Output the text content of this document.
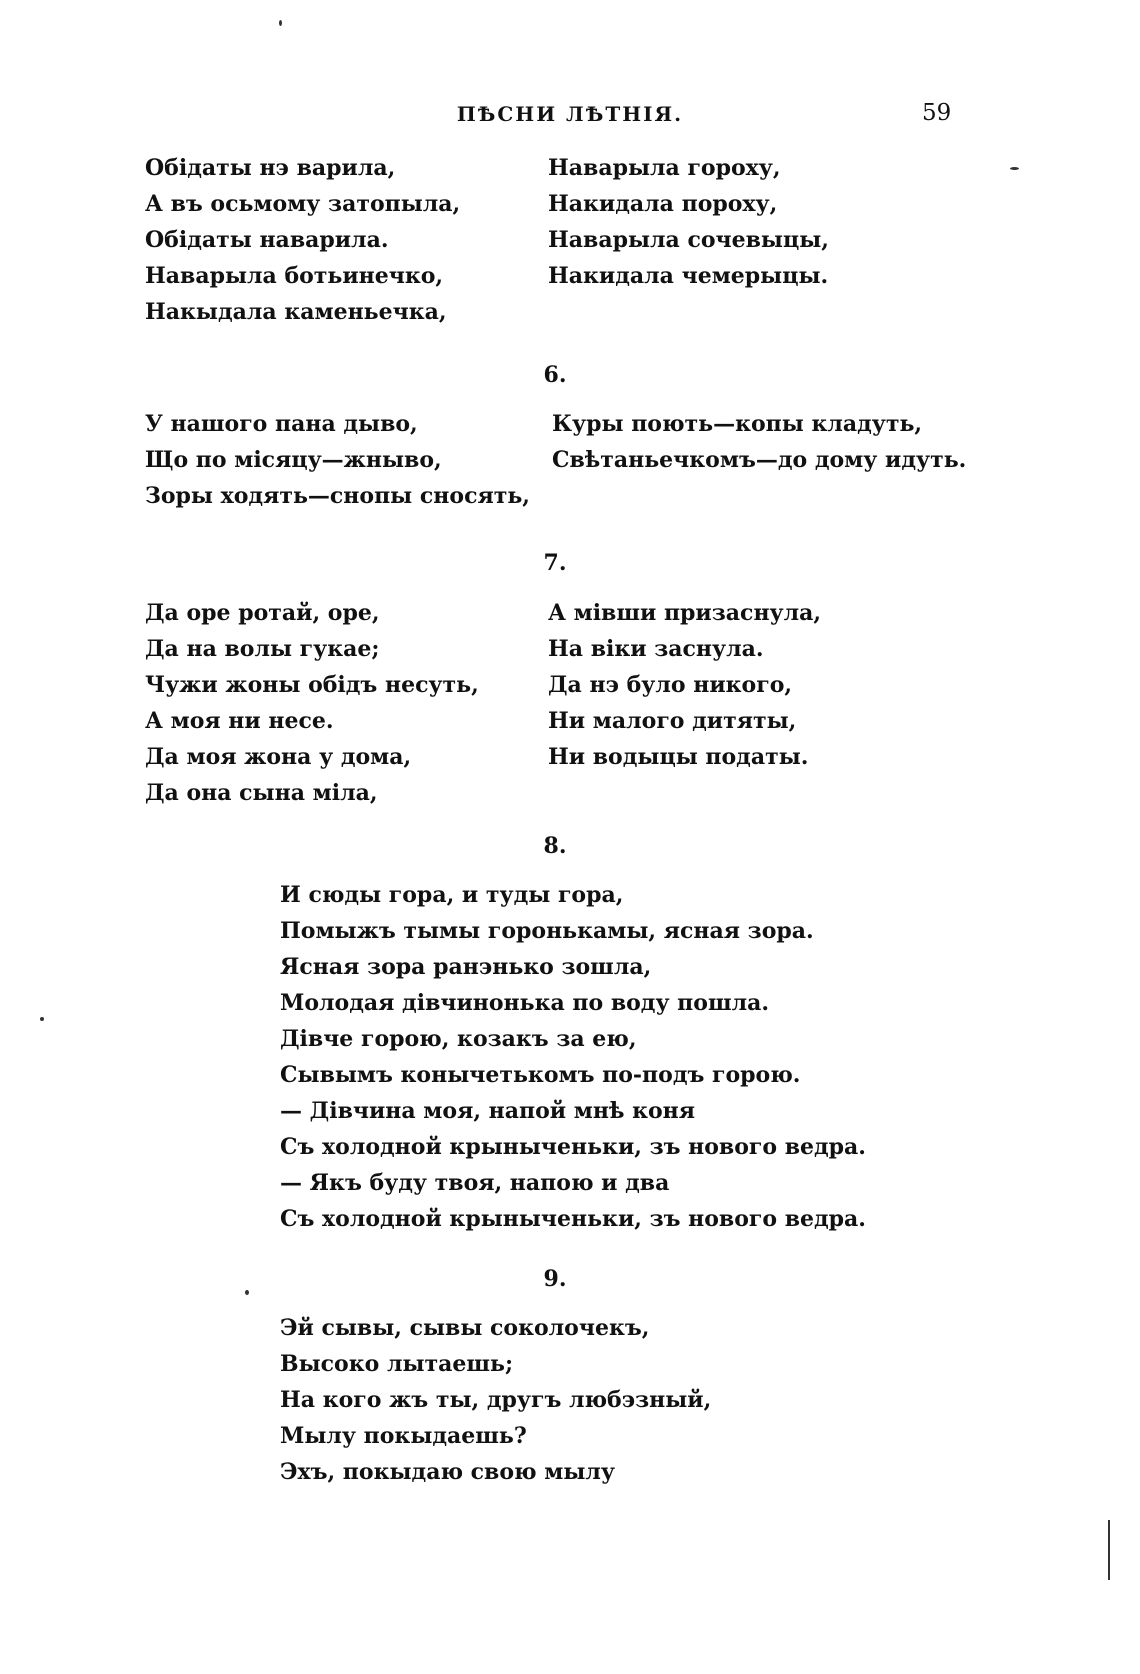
ПѢСНИ ЛѢТНІЯ.	59
Обідаты нэ варила,
А въ осьмому затопыла,
Обідаты наварила.
Наварыла ботьинечко,
Накыдала каменьечка,
Наварыла гороху,
Накидала пороху,
Наварыла сочевыцы,
Накидала чемерыцы.
6.
У нашого пана дыво,
Що по місяцу—жныво,
Зоры ходять—снопы сносять,
Куры поють—копы кладуть,
Свѣтаньечкомъ—до дому идуть.
7.
Да оре ротай, оре,
Да на волы гукае;
Чужи жоны обідъ несуть,
А моя ни несе.
Да моя жона у дома,
Да она сына міла,
А мівши призаснула,
На віки заснула.
Да нэ було никого,
Ни малого дитяты,
Ни водыцы податы.
8.
И сюды гора, и туды гора,
Помыжъ тымы горонькамы, ясная зора.
Ясная зора ранэнько зошла,
Молодая дівчинонька по воду пошла.
Дівче горою, козакъ за ею,
Сывымъ конычетькомъ по-подъ горою.
— Дівчина моя, напой мнѣ коня
Съ холодной крыныченьки, зъ нового ведра.
— Якъ буду твоя, напою и два
Съ холодной крыныченьки, зъ нового ведра.
9.
Эй сывы, сывы соколочекъ,
Высоко лытаешь;
На кого жъ ты, другъ любэзный,
Мылу покыдаешь?
Эхъ, покыдаю свою мылу
